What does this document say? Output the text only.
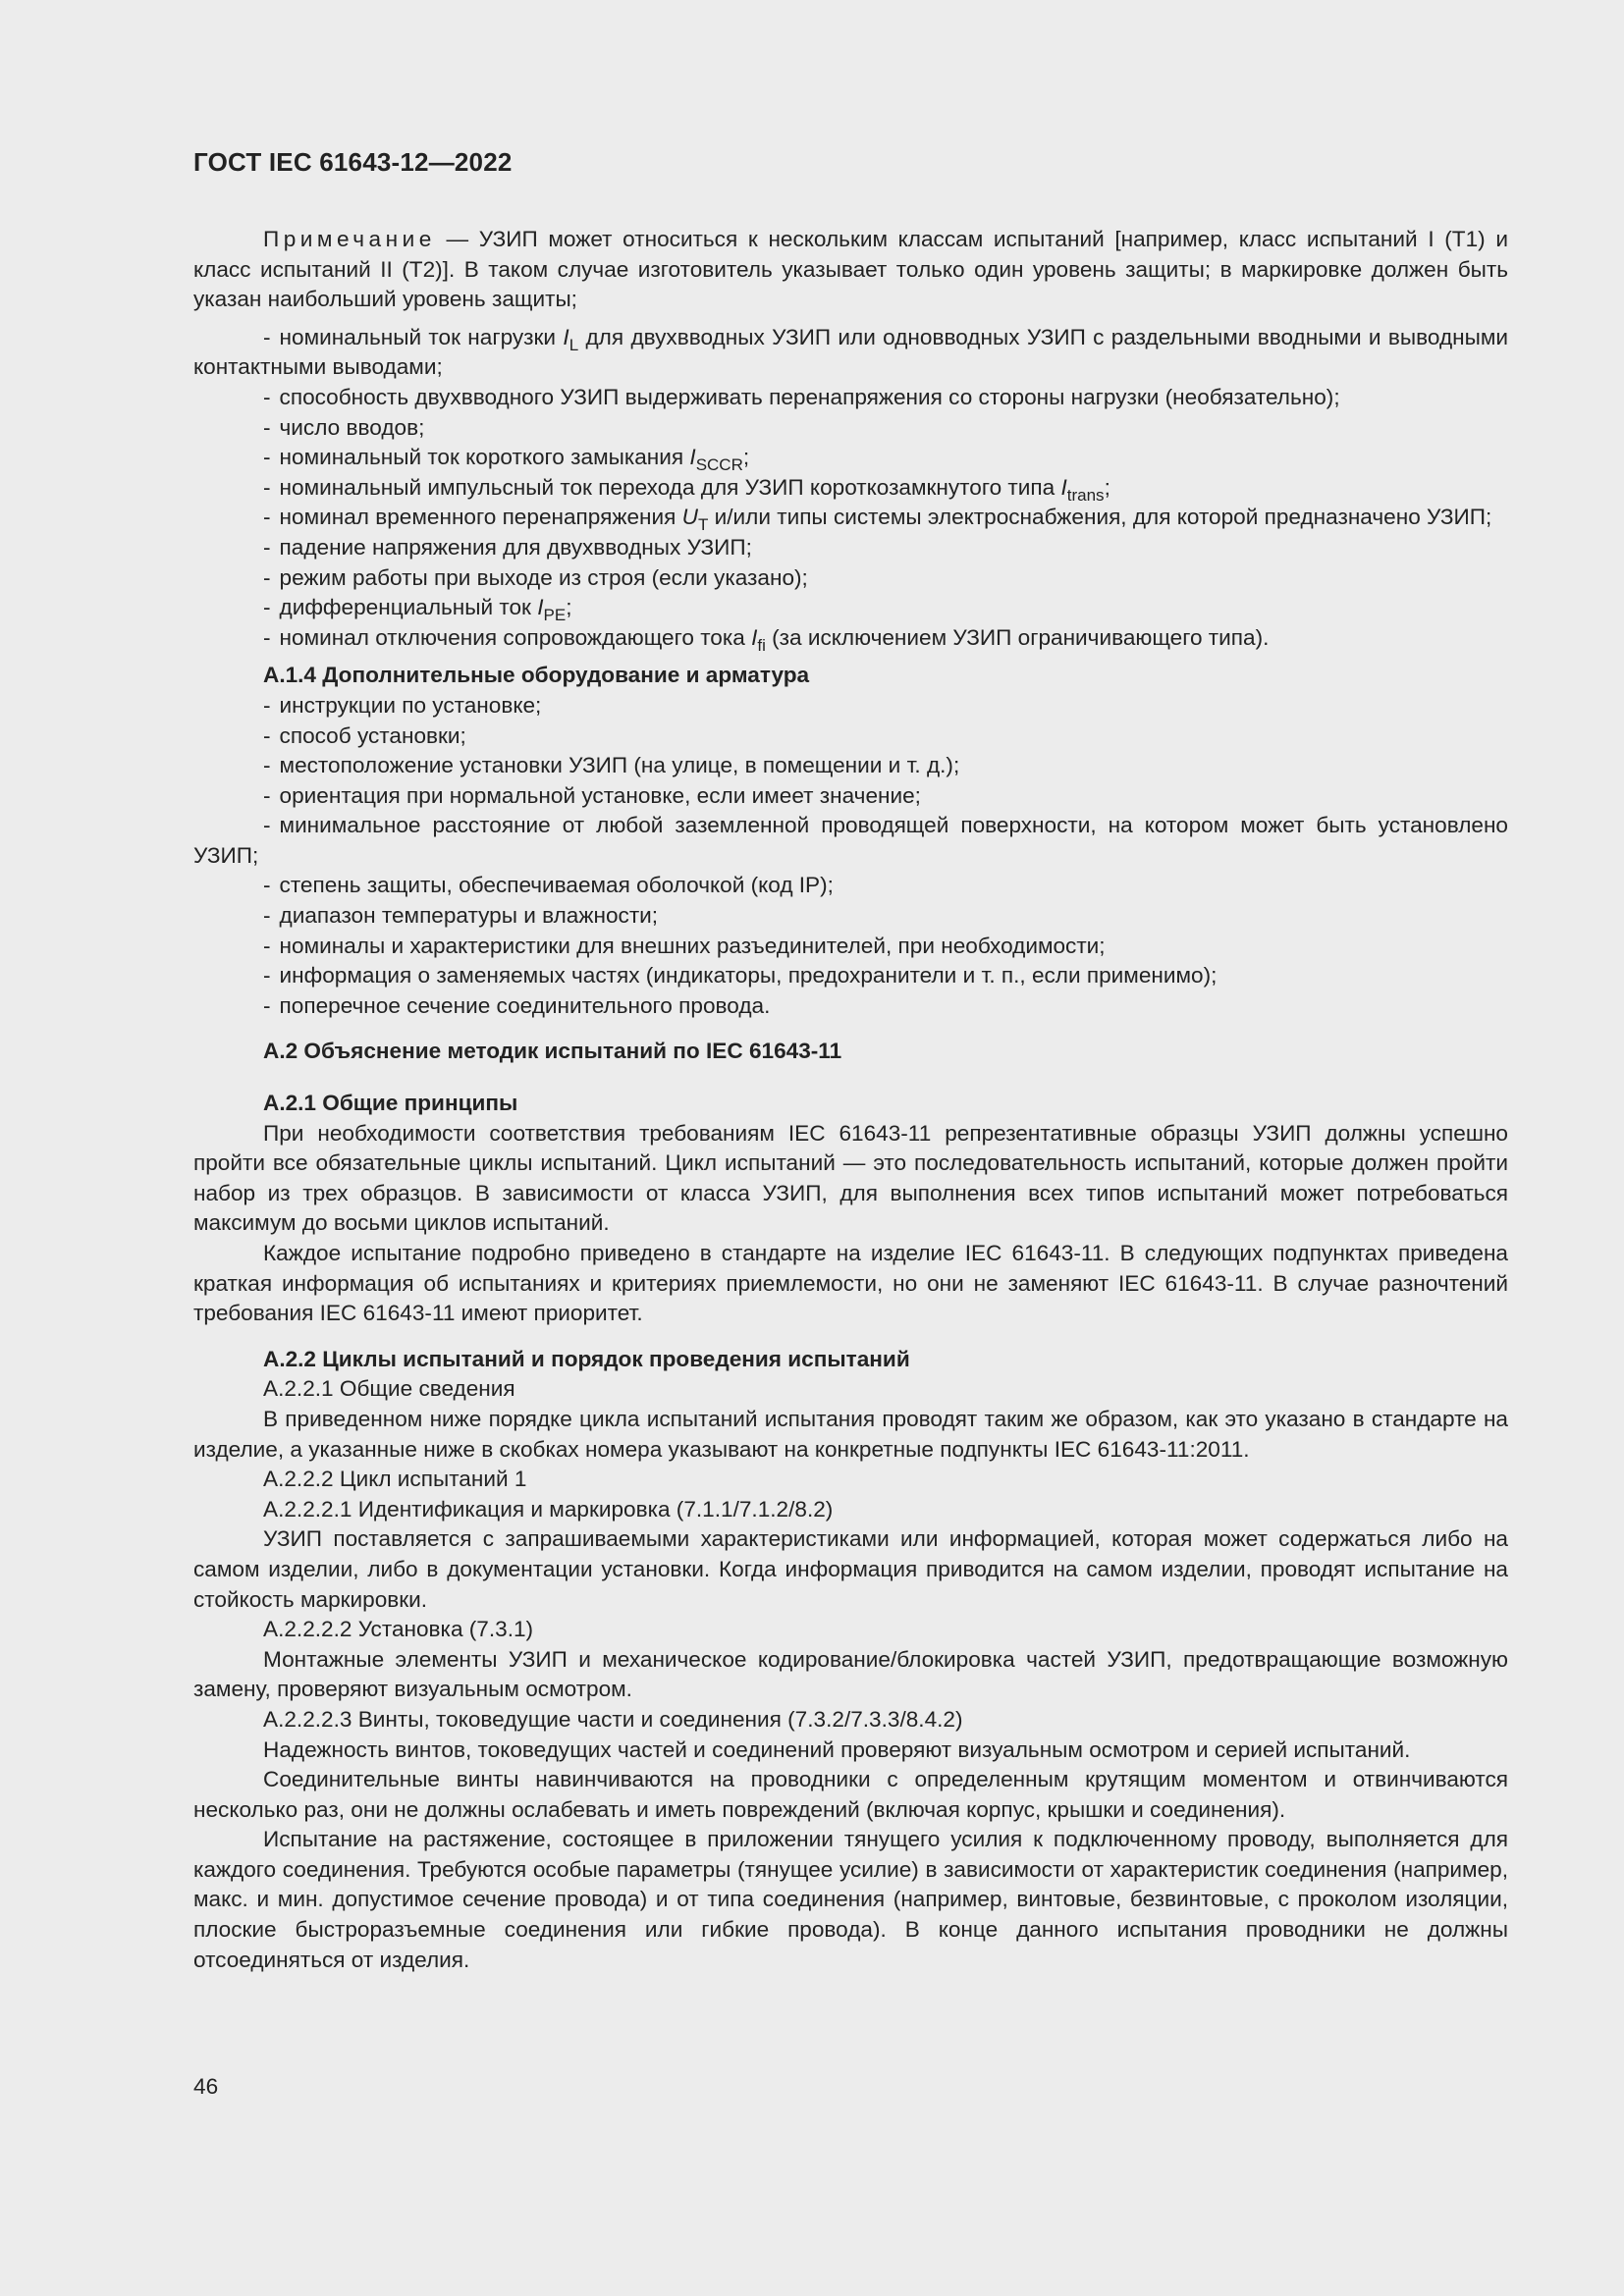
ГОСТ IEC 61643-12—2022

Примечание — УЗИП может относиться к нескольким классам испытаний [например, класс испытаний I (T1) и класс испытаний II (T2)]. В таком случае изготовитель указывает только один уровень защиты; в маркировке должен быть указан наибольший уровень защиты;

- номинальный ток нагрузки $I_L$ для двухвводных УЗИП или одновводных УЗИП с раздельными вводными и выводными контактными выводами;

- способность двухвводного УЗИП выдерживать перенапряжения со стороны нагрузки (необязательно);

- число вводов;

- номинальный ток короткого замыкания $I_{SCCR}$;

- номинальный импульсный ток перехода для УЗИП короткозамкнутого типа $I_{trans}$;

- номинал временного перенапряжения $U_T$ и/или типы системы электроснабжения, для которой предназначено УЗИП;

- падение напряжения для двухвводных УЗИП;

- режим работы при выходе из строя (если указано);

- дифференциальный ток $I_{PE}$;

- номинал отключения сопровождающего тока $I_{fi}$ (за исключением УЗИП ограничивающего типа).

А.1.4 Дополнительные оборудование и арматура

- инструкции по установке;

- способ установки;

- местоположение установки УЗИП (на улице, в помещении и т. д.);

- ориентация при нормальной установке, если имеет значение;

- минимальное расстояние от любой заземленной проводящей поверхности, на котором может быть установлено УЗИП;

- степень защиты, обеспечиваемая оболочкой (код IP);

- диапазон температуры и влажности;

- номиналы и характеристики для внешних разъединителей, при необходимости;

- информация о заменяемых частях (индикаторы, предохранители и т. п., если применимо);

- поперечное сечение соединительного провода.

А.2 Объяснение методик испытаний по IEC 61643-11

А.2.1 Общие принципы

При необходимости соответствия требованиям IEC 61643-11 репрезентативные образцы УЗИП должны успешно пройти все обязательные циклы испытаний. Цикл испытаний — это последовательность испытаний, которые должен пройти набор из трех образцов. В зависимости от класса УЗИП, для выполнения всех типов испытаний может потребоваться максимум до восьми циклов испытаний.

Каждое испытание подробно приведено в стандарте на изделие IEC 61643-11. В следующих подпунктах приведена краткая информация об испытаниях и критериях приемлемости, но они не заменяют IEC 61643-11. В случае разночтений требования IEC 61643-11 имеют приоритет.

А.2.2 Циклы испытаний и порядок проведения испытаний

А.2.2.1 Общие сведения

В приведенном ниже порядке цикла испытаний испытания проводят таким же образом, как это указано в стандарте на изделие, а указанные ниже в скобках номера указывают на конкретные подпункты IEC 61643-11:2011.

А.2.2.2 Цикл испытаний 1

А.2.2.2.1 Идентификация и маркировка (7.1.1/7.1.2/8.2)

УЗИП поставляется с запрашиваемыми характеристиками или информацией, которая может содержаться либо на самом изделии, либо в документации установки. Когда информация приводится на самом изделии, проводят испытание на стойкость маркировки.

А.2.2.2.2 Установка (7.3.1)

Монтажные элементы УЗИП и механическое кодирование/блокировка частей УЗИП, предотвращающие возможную замену, проверяют визуальным осмотром.

А.2.2.2.3 Винты, токоведущие части и соединения (7.3.2/7.3.3/8.4.2)

Надежность винтов, токоведущих частей и соединений проверяют визуальным осмотром и серией испытаний.

Соединительные винты навинчиваются на проводники с определенным крутящим моментом и отвинчиваются несколько раз, они не должны ослабевать и иметь повреждений (включая корпус, крышки и соединения).

Испытание на растяжение, состоящее в приложении тянущего усилия к подключенному проводу, выполняется для каждого соединения. Требуются особые параметры (тянущее усилие) в зависимости от характеристик соединения (например, макс. и мин. допустимое сечение провода) и от типа соединения (например, винтовые, безвинтовые, с проколом изоляции, плоские быстроразъемные соединения или гибкие провода). В конце данного испытания проводники не должны отсоединяться от изделия.

46
